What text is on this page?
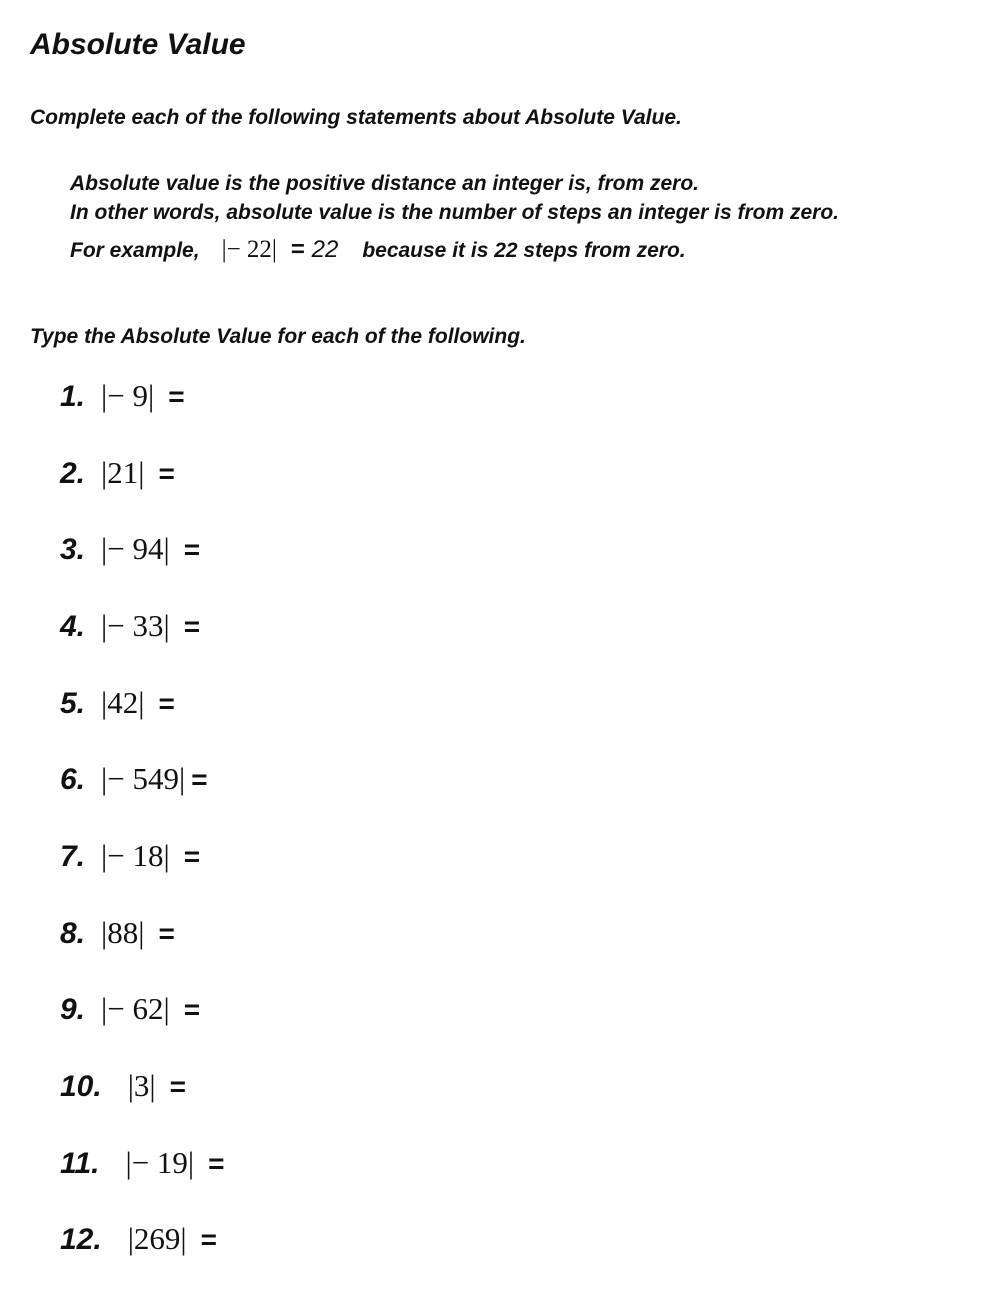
Absolute Value

Complete each of the following statements about Absolute Value.

Absolute value is the positive distance an integer is, from zero.

In other words, absolute value is the number of steps an integer is from zero.

For example, |− 22| = 22 because it is 22 steps from zero.

Type the Absolute Value for each of the following.

1. |− 9| =
2. |21| =
3. |− 94| =
4. |− 33| =
5. |42| =
6. |− 549| =
7. |− 18| =
8. |88| =
9. |− 62| =
10. |3| =
11. |− 19| =
12. |269| =
